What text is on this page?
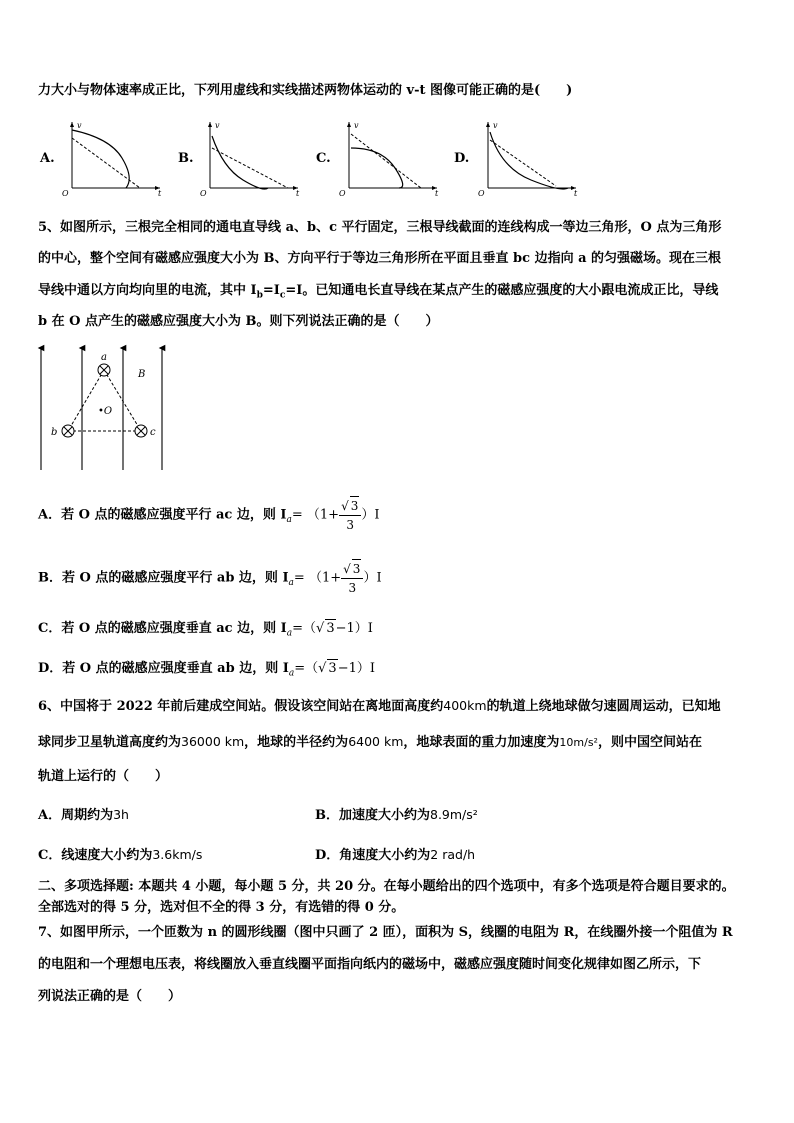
力大小与物体速率成正比，下列用虚线和实线描述两物体运动的 v-t 图像可能正确的是(　　)
A.
v
t
O
B.
v
t
O
C.
v
t
O
D.
v
t
O
5、如图所示，三根完全相同的通电直导线 a、b、c 平行固定，三根导线截面的连线构成一等边三角形，O 点为三角形
的中心，整个空间有磁感应强度大小为 B、方向平行于等边三角形所在平面且垂直 bc 边指向 a 的匀强磁场。现在三根
导线中通以方向均向里的电流，其中 $I_b=I_c=I$。已知通电长直导线在某点产生的磁感应强度的大小跟电流成正比，导线
b 在 O 点产生的磁感应强度大小为 B。则下列说法正确的是（　　）
a
b	c
•O
B
A．若 O 点的磁感应强度平行 ac 边，则 $I_a= (1+ \frac{√ 3}{3} )I$
B．若 O 点的磁感应强度平行 ab 边，则 $I_a= (1+ \frac{√ 3}{3} )I$
C．若 O 点的磁感应强度垂直 ac 边，则 $I_a=(√$ 3−1）I
D．若 O 点的磁感应强度垂直 ab 边，则 $I_a=(√$ 3−1）I
6、中国将于 2022 年前后建成空间站。假设该空间站在离地面高度约400km的轨道上绕地球做匀速圆周运动，已知地
球同步卫星轨道高度约为36000 km，地球的半径约为6400 km，地球表面的重力加速度为10m/s²，则中国空间站在
轨道上运行的（　　）
A．周期约为3h	B．加速度大小约为8.9m/s²
C．线速度大小约为3.6km/s	D．角速度大小约为2 rad/h
二、多项选择题: 本题共 4 小题，每小题 5 分，共 20 分。在每小题给出的四个选项中，有多个选项是符合题目要求的。
全部选对的得 5 分，选对但不全的得 3 分，有选错的得 0 分。
7、如图甲所示，一个匝数为 n 的圆形线圈（图中只画了 2 匝），面积为 S，线圈的电阻为 R，在线圈外接一个阻值为 R
的电阻和一个理想电压表，将线圈放入垂直线圈平面指向纸内的磁场中，磁感应强度随时间变化规律如图乙所示，下
列说法正确的是（　　）
